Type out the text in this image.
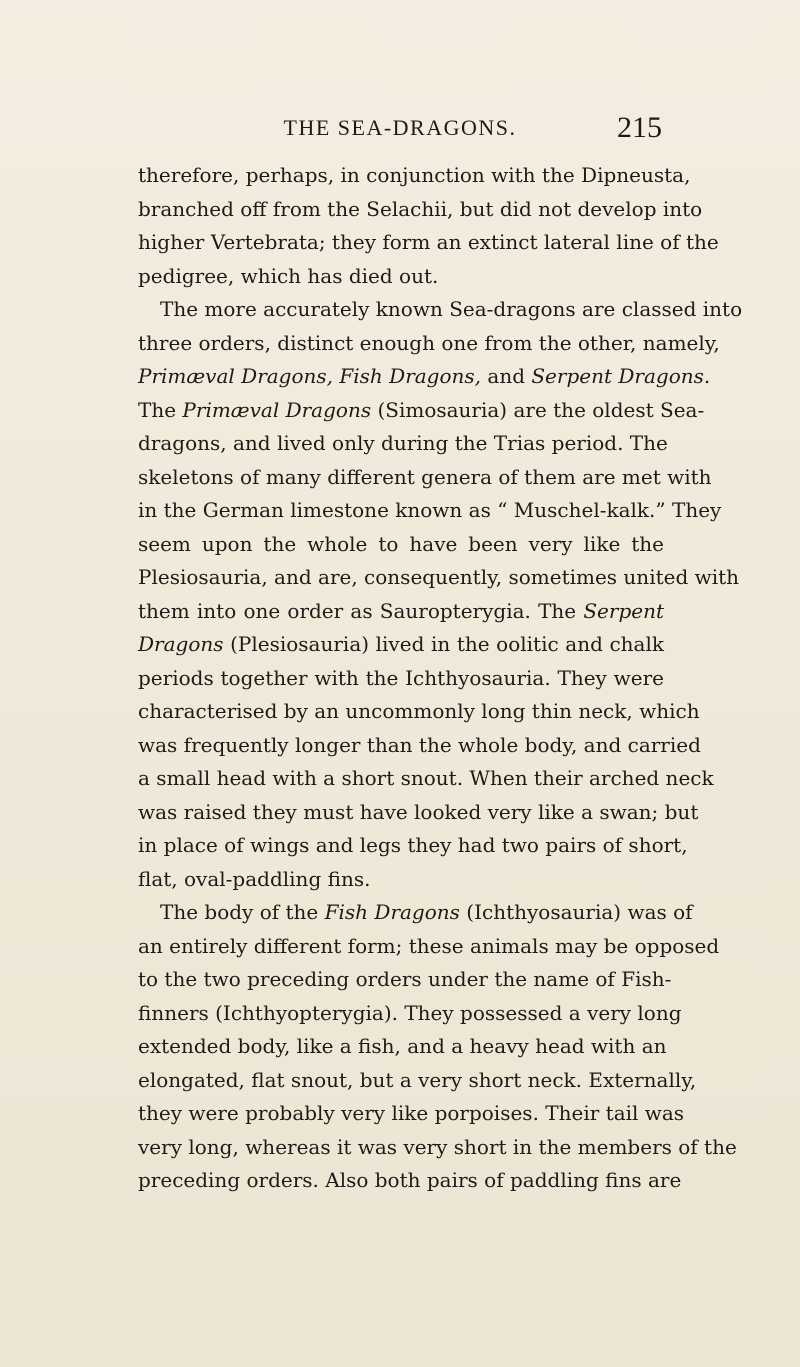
THE SEA-DRAGONS.	215
therefore, perhaps, in conjunction with the Dipneusta,
branched off from the Selachii, but did not develop into
higher Vertebrata; they form an extinct lateral line of the
pedigree, which has died out.
The more accurately known Sea-dragons are classed into
three orders, distinct enough one from the other, namely,
Primæval Dragons, Fish Dragons, and Serpent Dragons.
The Primæval Dragons (Simosauria) are the oldest Sea-
dragons, and lived only during the Trias period. The
skeletons of many different genera of them are met with
in the German limestone known as “ Muschel-kalk.” They
seem upon the whole to have been very like the
Plesiosauria, and are, consequently, sometimes united with
them into one order as Sauropterygia. The Serpent
Dragons (Plesiosauria) lived in the oolitic and chalk
periods together with the Ichthyosauria. They were
characterised by an uncommonly long thin neck, which
was frequently longer than the whole body, and carried
a small head with a short snout. When their arched neck
was raised they must have looked very like a swan; but
in place of wings and legs they had two pairs of short,
flat, oval-paddling fins.
The body of the Fish Dragons (Ichthyosauria) was of
an entirely different form; these animals may be opposed
to the two preceding orders under the name of Fish-
finners (Ichthyopterygia). They possessed a very long
extended body, like a fish, and a heavy head with an
elongated, flat snout, but a very short neck. Externally,
they were probably very like porpoises. Their tail was
very long, whereas it was very short in the members of the
preceding orders. Also both pairs of paddling fins are
